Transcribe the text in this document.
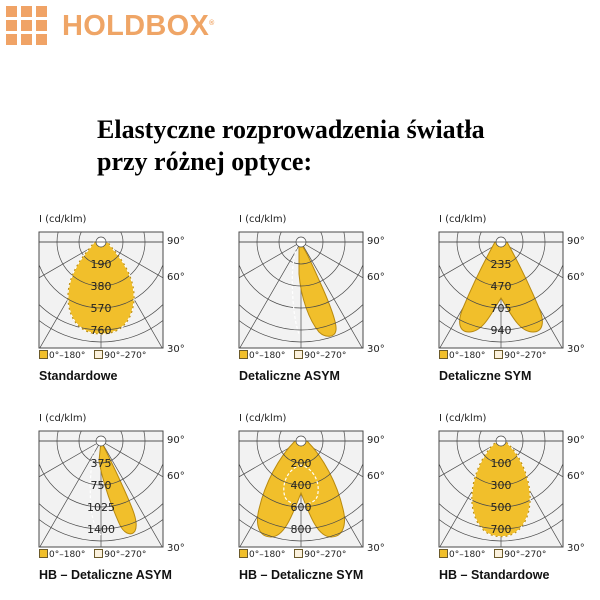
HOLDBOX®
Elastyczne rozprowadzenia światła
przy różnej optyce:
I (cd/klm)
90°
60°
30°
190
380
570
760
0°–180° 90°–270°
Standardowe
I (cd/klm)
90°
60°
30°
0°–180° 90°–270°
Detaliczne ASYM
I (cd/klm)
90°
60°
30°
235
470
705
940
0°–180° 90°–270°
Detaliczne SYM
I (cd/klm)
90°
60°
30°
375
750
1025
1400
0°–180° 90°–270°
HB – Detaliczne ASYM
I (cd/klm)
90°
60°
30°
200
400
600
800
0°–180° 90°–270°
HB – Detaliczne SYM
I (cd/klm)
90°
60°
30°
100
300
500
700
0°–180° 90°–270°
HB – Standardowe
